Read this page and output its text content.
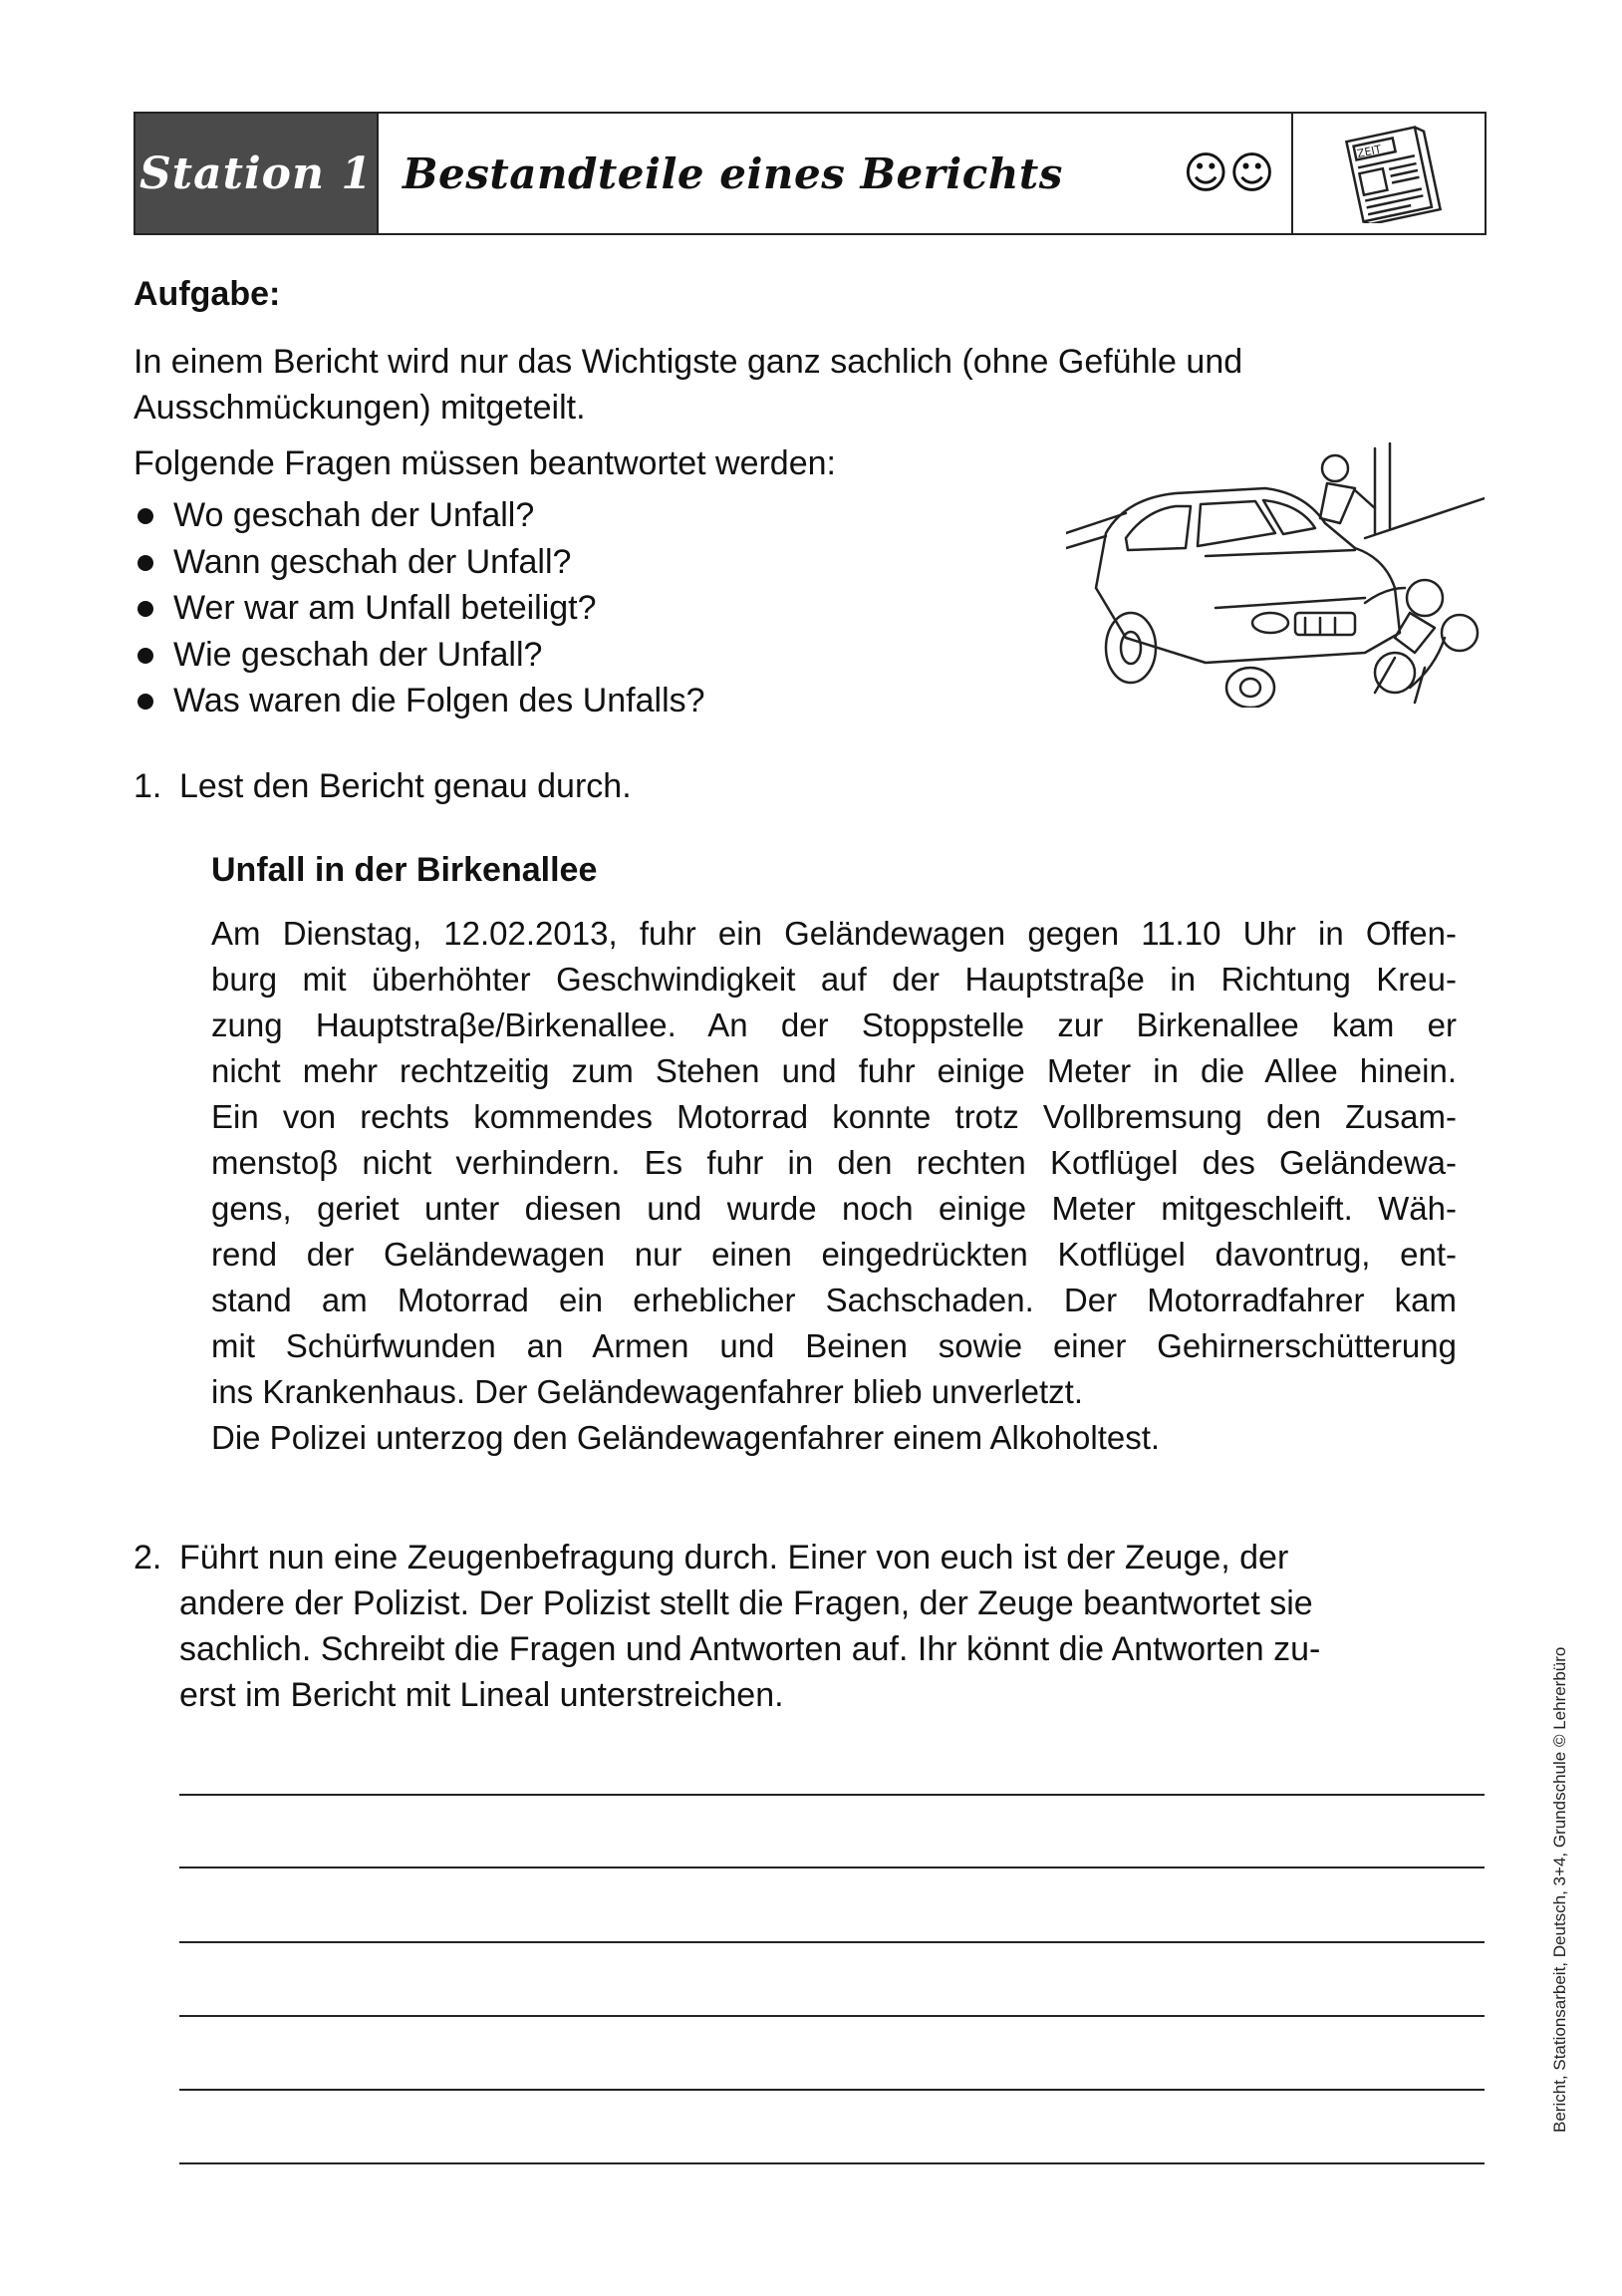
Station 1 Bestandteile eines Berichts	☺☺	ZEIT
Aufgabe:
In einem Bericht wird nur das Wichtigste ganz sachlich (ohne Gefühle und
Ausschmückungen) mitgeteilt.
Folgende Fragen müssen beantwortet werden:
Wo geschah der Unfall?
Wann geschah der Unfall?
Wer war am Unfall beteiligt?
Wie geschah der Unfall?
Was waren die Folgen des Unfalls?
1. Lest den Bericht genau durch.
Unfall in der Birkenallee
Am Dienstag, 12.02.2013, fuhr ein Geländewagen gegen 11.10 Uhr in Offen-
burg mit überhöhter Geschwindigkeit auf der Hauptstraβe in Richtung Kreu-
zung Hauptstraβe/Birkenallee. An der Stoppstelle zur Birkenallee kam er
nicht mehr rechtzeitig zum Stehen und fuhr einige Meter in die Allee hinein.
Ein von rechts kommendes Motorrad konnte trotz Vollbremsung den Zusam-
menstoβ nicht verhindern. Es fuhr in den rechten Kotflügel des Geländewa-
gens, geriet unter diesen und wurde noch einige Meter mitgeschleift. Wäh-
rend der Geländewagen nur einen eingedrückten Kotflügel davontrug, ent-
stand am Motorrad ein erheblicher Sachschaden. Der Motorradfahrer kam
mit Schürfwunden an Armen und Beinen sowie einer Gehirnerschütterung
ins Krankenhaus. Der Geländewagenfahrer blieb unverletzt.
Die Polizei unterzog den Geländewagenfahrer einem Alkoholtest.
2. Führt nun eine Zeugenbefragung durch. Einer von euch ist der Zeuge, der
andere der Polizist. Der Polizist stellt die Fragen, der Zeuge beantwortet sie
sachlich. Schreibt die Fragen und Antworten auf. Ihr könnt die Antworten zu-
erst im Bericht mit Lineal unterstreichen.	Bericht, Stationsarbeit, Deutsch, 3+4, Grundschule © Lehrerbüro
